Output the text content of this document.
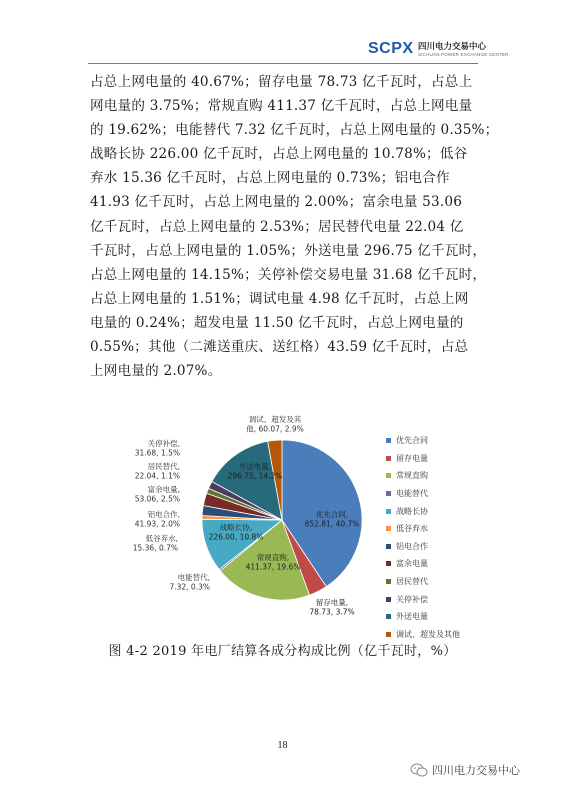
SCPX 四川电力交易中心
SICHUAN POWER EXCHANGE CENTER
占总上网电量的 40.67%；留存电量 78.73 亿千瓦时，占总上
网电量的 3.75%；常规直购 411.37 亿千瓦时，占总上网电量
的 19.62%；电能替代 7.32 亿千瓦时，占总上网电量的 0.35%；
战略长协 226.00 亿千瓦时，占总上网电量的 10.78%；低谷
弃水 15.36 亿千瓦时，占总上网电量的 0.73%；铝电合作
41.93 亿千瓦时，占总上网电量的 2.00%；富余电量 53.06
亿千瓦时，占总上网电量的 2.53%；居民替代电量 22.04 亿
千瓦时，占总上网电量的 1.05%；外送电量 296.75 亿千瓦时，
占总上网电量的 14.15%；关停补偿交易电量 31.68 亿千瓦时，
占总上网电量的 1.51%；调试电量 4.98 亿千瓦时，占总上网
电量的 0.24%；超发电量 11.50 亿千瓦时，占总上网电量的
0.55%；其他（二滩送重庆、送红格）43.59 亿千瓦时，占总
上网电量的 2.07%。
优先合同, 852.81, 40.7%
留存电量, 78.73, 3.7%
常规直购, 411.37, 19.6%
电能替代, 7.32, 0.3%
战略长协, 226.00, 10.8%
低谷弃水, 15.36, 0.7%
铝电合作, 41.93, 2.0%
富余电量, 53.06, 2.5%
居民替代, 22.04, 1.1%
关停补偿, 31.68, 1.5%
外送电量, 296.75, 14.2%
调试、超发及其他, 60.07, 2.9%
优先合同
留存电量
常规直购
电能替代
战略长协
低谷弃水
铝电合作
富余电量
居民替代
关停补偿
外送电量
调试、超发及其他
图 4-2 2019 年电厂结算各成分构成比例（亿千瓦时，%）
18
四川电力交易中心
